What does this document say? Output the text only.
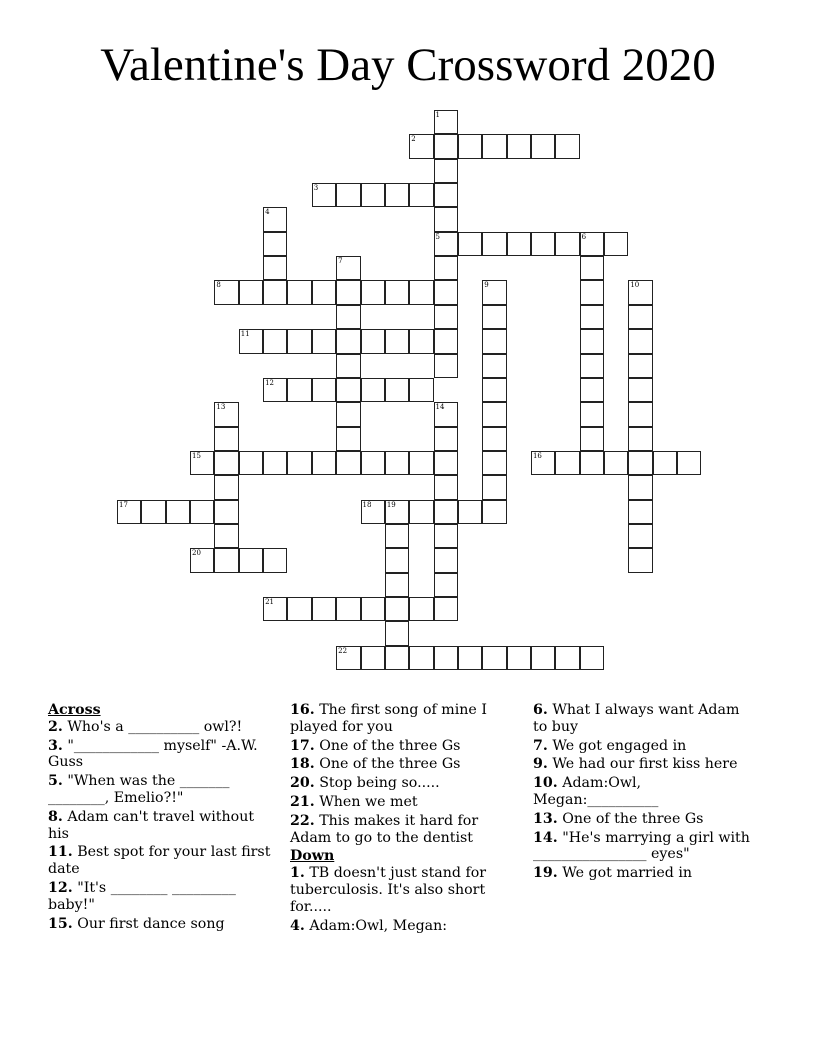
Valentine's Day Crossword 2020
1
5
2
3
4
6
7
8	9	10
11
12
13	14
15	16
17	18 19
20
21
22
Across
2. Who's a __________ owl?!
3. "____________ myself" -A.W. Guss
5. "When was the _______ ________, Emelio?!"
8. Adam can't travel without his
11. Best spot for your last first date
12. "It's ________ _________ baby!"
15. Our first dance song
16. The first song of mine I played for you
17. One of the three Gs
18. One of the three Gs
20. Stop being so.....
21. When we met
22. This makes it hard for Adam to go to the dentist
Down
1. TB doesn't just stand for tuberculosis. It's also short for.....
4. Adam:Owl, Megan:
6. What I always want Adam to buy
7. We got engaged in
9. We had our first kiss here
10. Adam:Owl, Megan:__________
13. One of the three Gs
14. "He's marrying a girl with ________________ eyes"
19. We got married in
